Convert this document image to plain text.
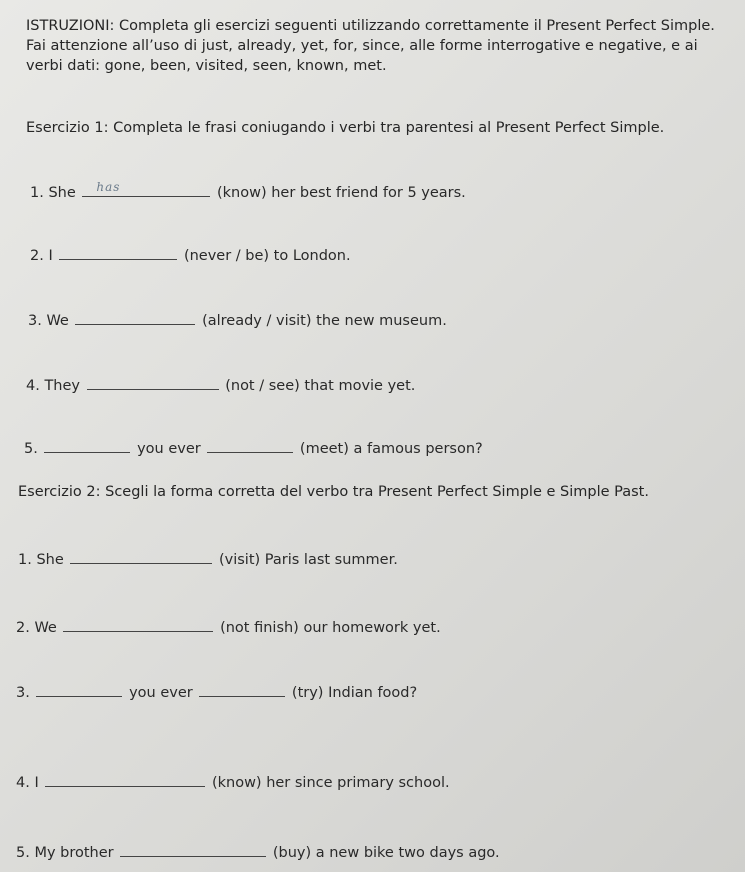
ISTRUZIONI: Completa gli esercizi seguenti utilizzando correttamente il Present Perfect Simple. Fai attenzione all’uso di just, already, yet, for, since, alle forme interrogative e negative, e ai verbi dati: gone, been, visited, seen, known, met.
Esercizio 1: Completa le frasi coniugando i verbi tra parentesi al Present Perfect Simple.
1. She has	(know) her best friend for 5 years.
2. I	(never / be) to London.
3. We	(already / visit) the new museum.
4. They	(not / see) that movie yet.
5.	you ever	(meet) a famous person?
Esercizio 2: Scegli la forma corretta del verbo tra Present Perfect Simple e Simple Past.
1. She	(visit) Paris last summer.
2. We	(not finish) our homework yet.
3.	you ever	(try) Indian food?
4. I	(know) her since primary school.
5. My brother	(buy) a new bike two days ago.
